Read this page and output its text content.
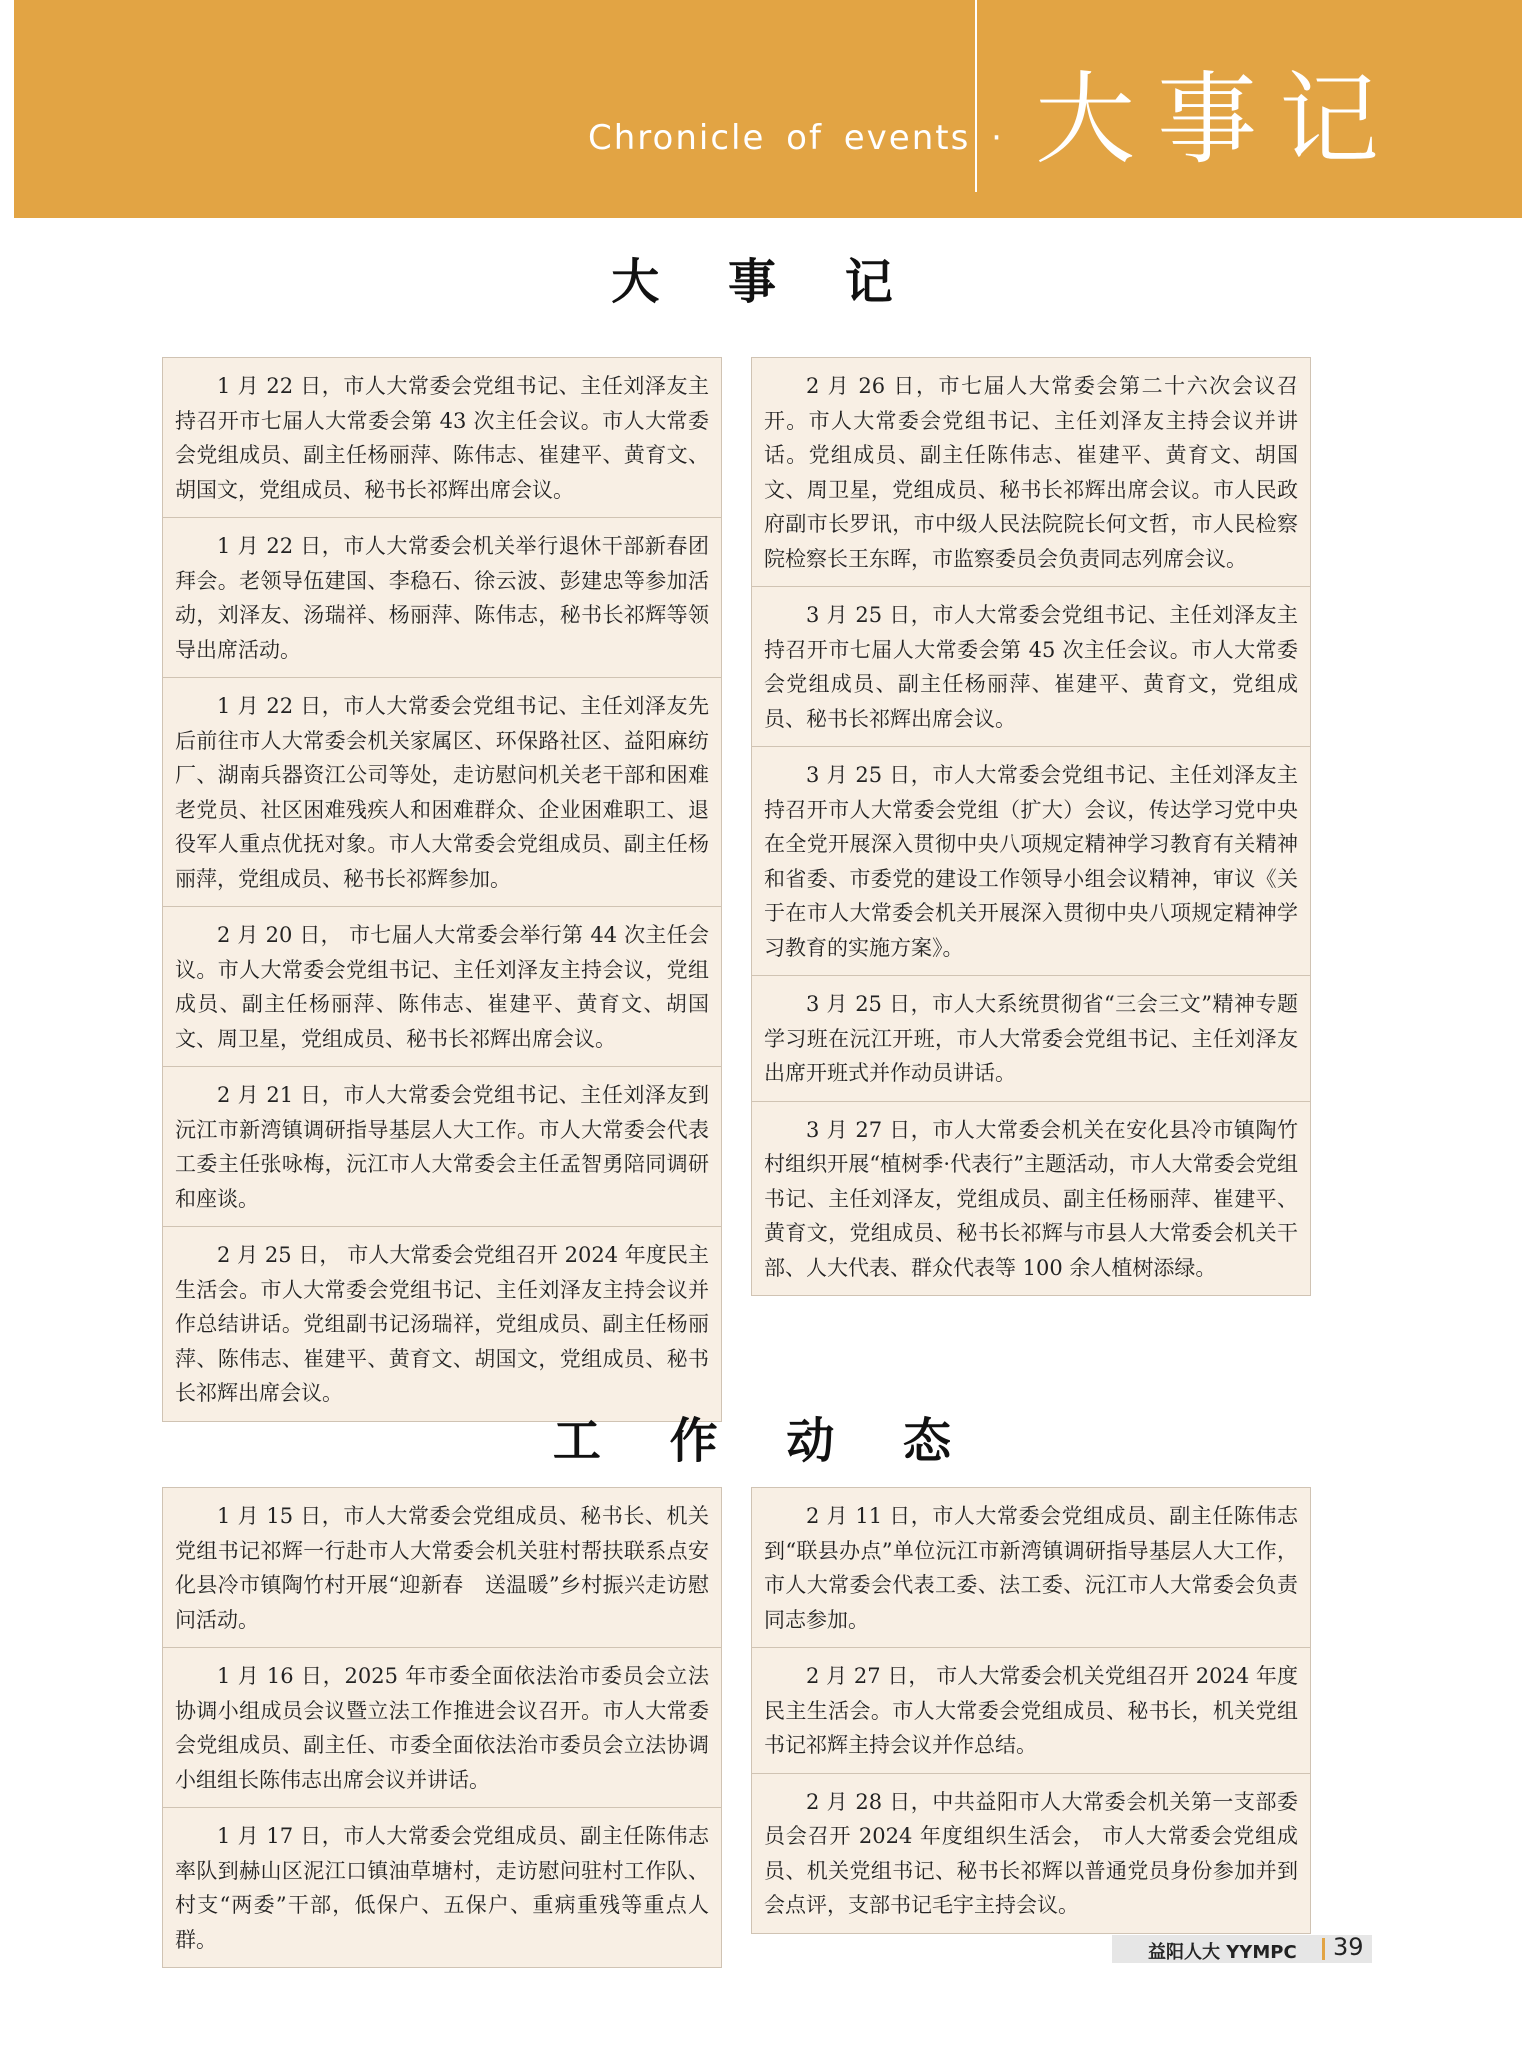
Chronicle of events · 大事记
大 事 记
1 月 22 日，市人大常委会党组书记、主任刘泽友主持召开市七届人大常委会第 43 次主任会议。市人大常委会党组成员、副主任杨丽萍、陈伟志、崔建平、黄育文、胡国文，党组成员、秘书长祁辉出席会议。
1 月 22 日，市人大常委会机关举行退休干部新春团拜会。老领导伍建国、李稳石、徐云波、彭建忠等参加活动，刘泽友、汤瑞祥、杨丽萍、陈伟志，秘书长祁辉等领导出席活动。
1 月 22 日，市人大常委会党组书记、主任刘泽友先后前往市人大常委会机关家属区、环保路社区、益阳麻纺厂、湖南兵器资江公司等处，走访慰问机关老干部和困难老党员、社区困难残疾人和困难群众、企业困难职工、退役军人重点优抚对象。市人大常委会党组成员、副主任杨丽萍，党组成员、秘书长祁辉参加。
2 月 20 日， 市七届人大常委会举行第 44 次主任会议。市人大常委会党组书记、主任刘泽友主持会议，党组成员、副主任杨丽萍、陈伟志、崔建平、黄育文、胡国文、周卫星，党组成员、秘书长祁辉出席会议。
2 月 21 日，市人大常委会党组书记、主任刘泽友到沅江市新湾镇调研指导基层人大工作。市人大常委会代表工委主任张咏梅，沅江市人大常委会主任孟智勇陪同调研和座谈。
2 月 25 日， 市人大常委会党组召开 2024 年度民主生活会。市人大常委会党组书记、主任刘泽友主持会议并作总结讲话。党组副书记汤瑞祥，党组成员、副主任杨丽萍、陈伟志、崔建平、黄育文、胡国文，党组成员、秘书长祁辉出席会议。
2 月 26 日，市七届人大常委会第二十六次会议召开。市人大常委会党组书记、主任刘泽友主持会议并讲话。党组成员、副主任陈伟志、崔建平、黄育文、胡国文、周卫星，党组成员、秘书长祁辉出席会议。市人民政府副市长罗讯，市中级人民法院院长何文哲，市人民检察院检察长王东晖，市监察委员会负责同志列席会议。
3 月 25 日，市人大常委会党组书记、主任刘泽友主持召开市七届人大常委会第 45 次主任会议。市人大常委会党组成员、副主任杨丽萍、崔建平、黄育文，党组成员、秘书长祁辉出席会议。
3 月 25 日，市人大常委会党组书记、主任刘泽友主持召开市人大常委会党组（扩大）会议，传达学习党中央在全党开展深入贯彻中央八项规定精神学习教育有关精神和省委、市委党的建设工作领导小组会议精神，审议《关于在市人大常委会机关开展深入贯彻中央八项规定精神学习教育的实施方案》。
3 月 25 日，市人大系统贯彻省“三会三文”精神专题学习班在沅江开班，市人大常委会党组书记、主任刘泽友出席开班式并作动员讲话。
3 月 27 日，市人大常委会机关在安化县冷市镇陶竹村组织开展“植树季·代表行”主题活动，市人大常委会党组书记、主任刘泽友，党组成员、副主任杨丽萍、崔建平、黄育文，党组成员、秘书长祁辉与市县人大常委会机关干部、人大代表、群众代表等 100 余人植树添绿。
工 作 动 态
1 月 15 日，市人大常委会党组成员、秘书长、机关党组书记祁辉一行赴市人大常委会机关驻村帮扶联系点安化县冷市镇陶竹村开展“迎新春　送温暖”乡村振兴走访慰问活动。
1 月 16 日，2025 年市委全面依法治市委员会立法协调小组成员会议暨立法工作推进会议召开。市人大常委会党组成员、副主任、市委全面依法治市委员会立法协调小组组长陈伟志出席会议并讲话。
1 月 17 日，市人大常委会党组成员、副主任陈伟志率队到赫山区泥江口镇油草塘村，走访慰问驻村工作队、村支“两委”干部，低保户、五保户、重病重残等重点人群。
2 月 11 日，市人大常委会党组成员、副主任陈伟志到“联县办点”单位沅江市新湾镇调研指导基层人大工作，市人大常委会代表工委、法工委、沅江市人大常委会负责同志参加。
2 月 27 日， 市人大常委会机关党组召开 2024 年度民主生活会。市人大常委会党组成员、秘书长，机关党组书记祁辉主持会议并作总结。
2 月 28 日，中共益阳市人大常委会机关第一支部委员会召开 2024 年度组织生活会， 市人大常委会党组成员、机关党组书记、秘书长祁辉以普通党员身份参加并到会点评，支部书记毛宇主持会议。
益阳人大 YYMPC 39
